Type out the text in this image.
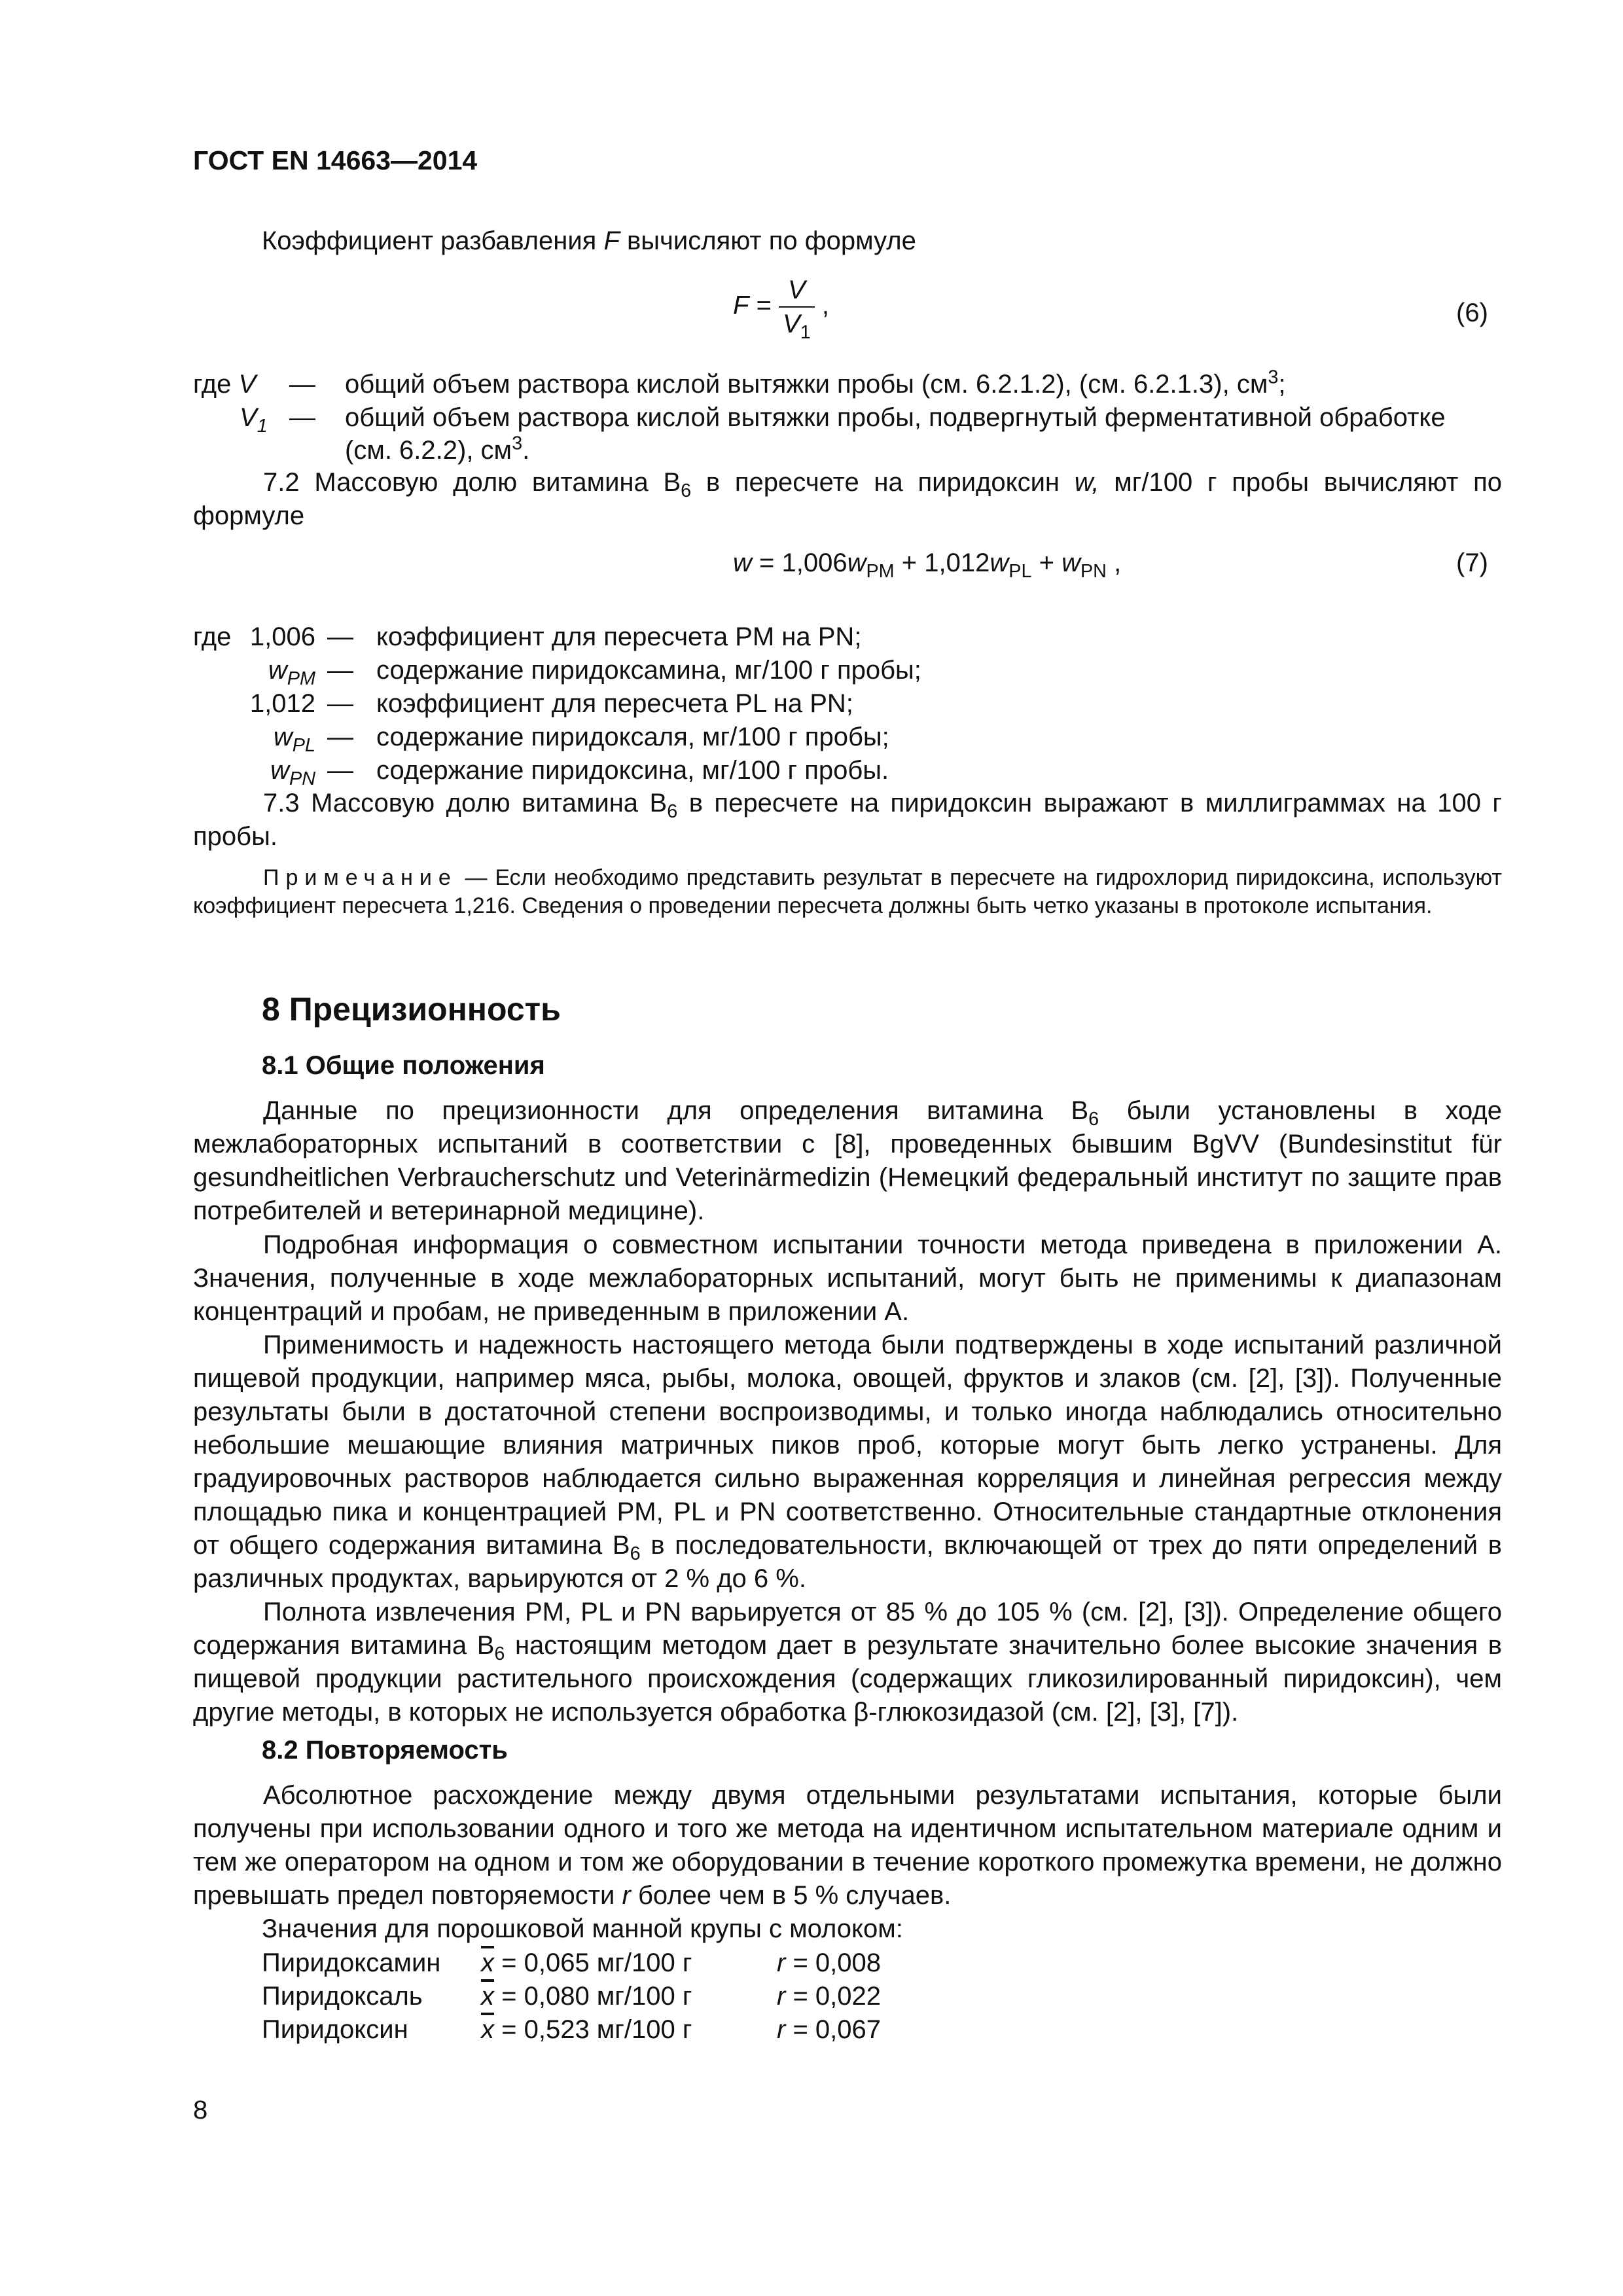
ГОСТ EN 14663—2014
Коэффициент разбавления F вычисляют по формуле
$F = \frac{V}{V_1}$ ,	(6)
где V — общий объем раствора кислой вытяжки пробы (см. 6.2.1.2), (см. 6.2.1.3), $см^3$;
$V_1$ — общий объем раствора кислой вытяжки пробы, подвергнутый ферментативной обработке
(см. 6.2.2), $см^3$.
7.2 Массовую долю витамина $B_6$ в пересчете на пиридоксин w, мг/100 г пробы вычисляют по формуле
$w = 1,006w_{PM} + 1,012w_{PL} + w_{PN}$ ,	(7)
где 1,006 — коэффициент для пересчета PM на PN;
$w_{PM}$ — содержание пиридоксамина, мг/100 г пробы;
1,012 — коэффициент для пересчета PL на PN;
$w_{PL}$ — содержание пиридоксаля, мг/100 г пробы;
$w_{PN}$ — содержание пиридоксина, мг/100 г пробы.
7.3 Массовую долю витамина $B_6$ в пересчете на пиридоксин выражают в миллиграммах на 100 г пробы.
Примечание — Если необходимо представить результат в пересчете на гидрохлорид пиридоксина, используют коэффициент пересчета 1,216. Сведения о проведении пересчета должны быть четко указаны в протоколе испытания.
8 Прецизионность
8.1 Общие положения
Данные по прецизионности для определения витамина $B_6$ были установлены в ходе межлабораторных испытаний в соответствии с [8], проведенных бывшим BgVV (Bundesinstitut für gesundheitlichen Verbraucherschutz und Veterinärmedizin (Немецкий федеральный институт по защите прав потребителей и ветеринарной медицине).
Подробная информация о совместном испытании точности метода приведена в приложении А. Значения, полученные в ходе межлабораторных испытаний, могут быть не применимы к диапазонам концентраций и пробам, не приведенным в приложении А.
Применимость и надежность настоящего метода были подтверждены в ходе испытаний различной пищевой продукции, например мяса, рыбы, молока, овощей, фруктов и злаков (см. [2], [3]). Полученные результаты были в достаточной степени воспроизводимы, и только иногда наблюдались относительно небольшие мешающие влияния матричных пиков проб, которые могут быть легко устранены. Для градуировочных растворов наблюдается сильно выраженная корреляция и линейная регрессия между площадью пика и концентрацией PM, PL и PN соответственно. Относительные стандартные отклонения от общего содержания витамина $B_6$ в последовательности, включающей от трех до пяти определений в различных продуктах, варьируются от 2 % до 6 %.
Полнота извлечения PM, PL и PN варьируется от 85 % до 105 % (см. [2], [3]). Определение общего содержания витамина $B_6$ настоящим методом дает в результате значительно более высокие значения в пищевой продукции растительного происхождения (содержащих гликозилированный пиридоксин), чем другие методы, в которых не используется обработка β-глюкозидазой (см. [2], [3], [7]).
8.2 Повторяемость
Абсолютное расхождение между двумя отдельными результатами испытания, которые были получены при использовании одного и того же метода на идентичном испытательном материале одним и тем же оператором на одном и том же оборудовании в течение короткого промежутка времени, не должно превышать предел повторяемости r более чем в 5 % случаев.
Значения для порошковой манной крупы с молоком:
Пиридоксамин $\overline{x} = 0,065$ мг/100 г	r = 0,008
Пиридоксаль $\overline{x} = 0,080$ мг/100 г	r = 0,022
Пиридоксин	$\overline{x} = 0,523$ мг/100 г	r = 0,067
8
